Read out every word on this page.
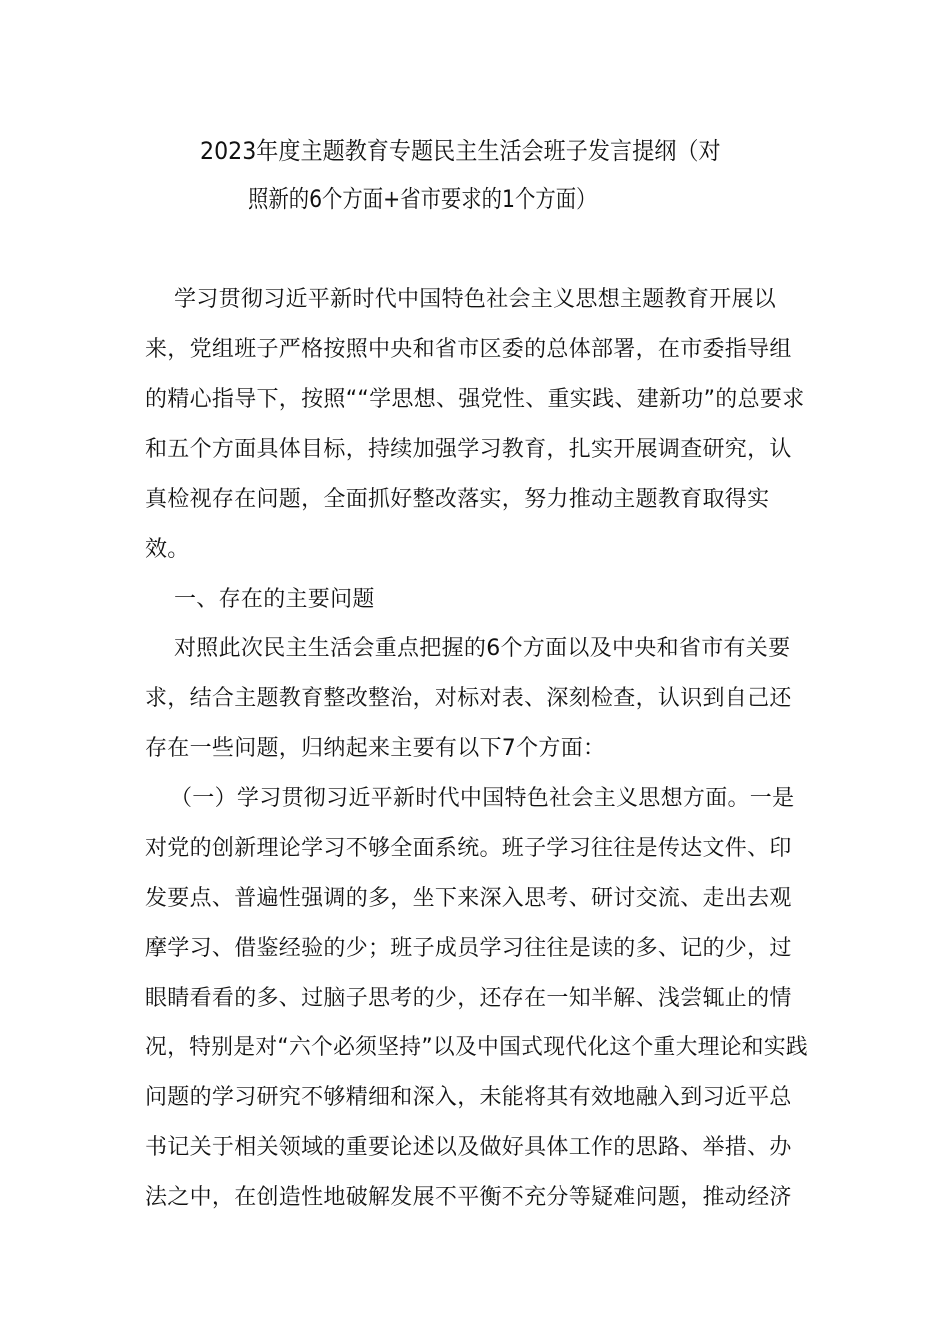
2023年度主题教育专题民主生活会班子发言提纲（对
照新的6个方面+省市要求的1个方面）

学习贯彻习近平新时代中国特色社会主义思想主题教育开展以

来，党组班子严格按照中央和省市区委的总体部署，在市委指导组

的精心指导下，按照““学思想、强党性、重实践、建新功”的总要求

和五个方面具体目标，持续加强学习教育，扎实开展调查研究，认

真检视存在问题，全面抓好整改落实，努力推动主题教育取得实

效。

一、存在的主要问题

对照此次民主生活会重点把握的6个方面以及中央和省市有关要

求，结合主题教育整改整治，对标对表、深刻检查，认识到自己还

存在一些问题，归纳起来主要有以下7个方面：

（一）学习贯彻习近平新时代中国特色社会主义思想方面。一是

对党的创新理论学习不够全面系统。班子学习往往是传达文件、印

发要点、普遍性强调的多，坐下来深入思考、研讨交流、走出去观

摩学习、借鉴经验的少；班子成员学习往往是读的多、记的少，过

眼睛看看的多、过脑子思考的少，还存在一知半解、浅尝辄止的情

况，特别是对“六个必须坚持”以及中国式现代化这个重大理论和实践

问题的学习研究不够精细和深入，未能将其有效地融入到习近平总

书记关于相关领域的重要论述以及做好具体工作的思路、举措、办

法之中，在创造性地破解发展不平衡不充分等疑难问题，推动经济
